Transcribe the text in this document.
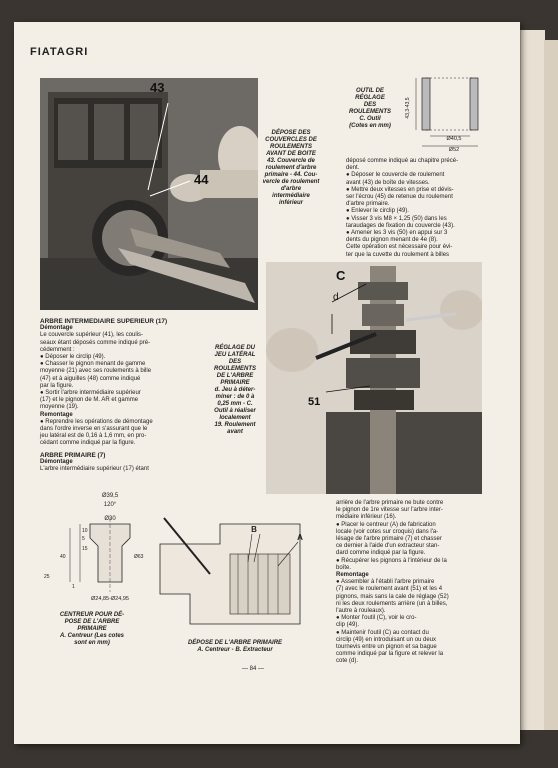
FIATAGRI
43
44
DÉPOSE DES
COUVERCLES DE
ROULEMENTS
AVANT DE BOITE
43. Couvercle de
roulement d'arbre
primaire - 44. Cou-
vercle de roulement
d'arbre
intermédiaire
inférieur
OUTIL DE
RÉGLAGE
DES
ROULEMENTS
C. Outil
(Cotes en mm)
43,3-43,5
Ø40,5
Ø52

déposé comme indiqué au chapitre précé-

dent.

● Déposer le couvercle de roulement

avant (43) de boîte de vitesses.

● Mettre deux vitesses en prise et dévis-

ser l'écrou (45) de retenue du roulement

d'arbre primaire.

● Enlever le circlip (49).

● Visser 3 vis M8 × 1,25 (50) dans les

taraudages de fixation du couvercle (43).

● Amener les 3 vis (50) en appui sur 3

dents du pignon menant de 4e (8).

Cette opération est nécessaire pour évi-

ter que la cuvette du roulement à billes

C
d
51
RÉGLAGE DU
JEU LATÉRAL
DES
ROULEMENTS
DE L'ARBRE
PRIMAIRE
d. Jeu à déter-
miner : de 0 à
0,25 mm - C.
Outil à réaliser
localement
19. Roulement
avant

ARBRE INTERMEDIAIRE SUPERIEUR (17)

Démontage

Le couvercle supérieur (41), les coulis-

seaux étant déposés comme indiqué pré-

cédemment :

● Déposer le circlip (49).

● Chasser le pignon menant de gamme

moyenne (21) avec ses roulements à bille

(47) et à aiguilles (48) comme indiqué

par la figure.

● Sortir l'arbre intermédiaire supérieur

(17) et le pignon de M. AR et gamme

moyenne (19).

Remontage

● Reprendre les opérations de démontage

dans l'ordre inverse en s'assurant que le

jeu latéral est de 0,16 à 1,6 mm, en pro-

cédant comme indiqué par la figure.

ARBRE PRIMAIRE (7)

Démontage

L'arbre intermédiaire supérieur (17) étant

Ø39,5
120°
Ø30
10
5
15
40
25
1
Ø63
Ø24,85-Ø24,95
CENTREUR POUR DÉ-
POSE DE L'ARBRE
PRIMAIRE
A. Centreur (Les cotes
sont en mm)
B
A
DÉPOSE DE L'ARBRE PRIMAIRE
A. Centreur - B. Extracteur

arrière de l'arbre primaire ne bute contre

le pignon de 1re vitesse sur l'arbre inter-

médiaire inférieur (16).

● Placer le centreur (A) de fabrication

locale (voir cotes sur croquis) dans l'a-

lésage de l'arbre primaire (7) et chasser

ce dernier à l'aide d'un extracteur stan-

dard comme indiqué par la figure.

● Récupérer les pignons à l'intérieur de la

boîte.

Remontage

● Assembler à l'établi l'arbre primaire

(7) avec le roulement avant (51) et les 4

pignons, mais sans la cale de réglage (52)

ni les deux roulements arrière (un à billes,

l'autre à rouleaux).

● Monter l'outil (C), voir le cro-

clip (49).

● Maintenir l'outil (C) au contact du

circlip (49) en introduisant un ou deux

tournevis entre un pignon et sa bague

comme indiqué par la figure et relever la

cote (d).

— 84 —
